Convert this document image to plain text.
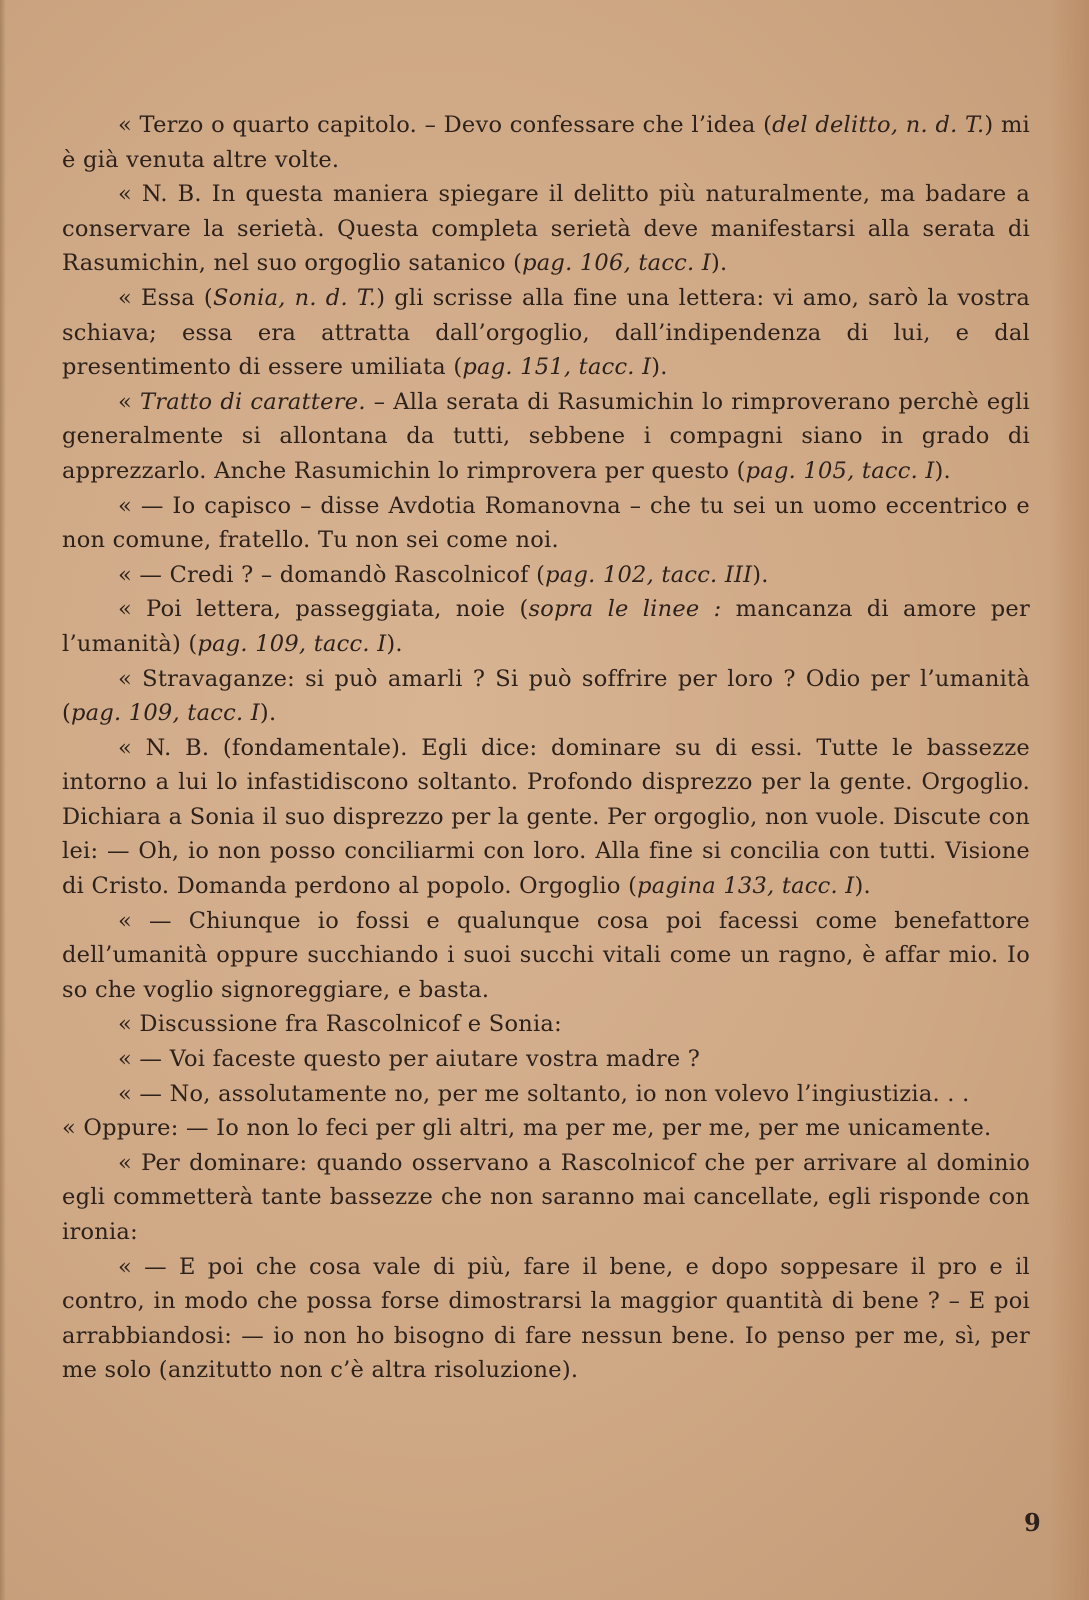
« Terzo o quarto capitolo. – Devo confessare che l’idea (del delitto, n. d. T.) mi è già venuta altre volte.

« N. B. In questa maniera spiegare il delitto più naturalmente, ma badare a conservare la serietà. Questa completa serietà deve manifestarsi alla serata di Rasumichin, nel suo orgoglio satanico (pag. 106, tacc. I).

« Essa (Sonia, n. d. T.) gli scrisse alla fine una lettera: vi amo, sarò la vostra schiava; essa era attratta dall’orgoglio, dall’indipendenza di lui, e dal presentimento di essere umiliata (pag. 151, tacc. I).

« Tratto di carattere. – Alla serata di Rasumichin lo rimproverano perchè egli generalmente si allontana da tutti, sebbene i compagni siano in grado di apprezzarlo. Anche Rasumichin lo rimprovera per questo (pag. 105, tacc. I).

« — Io capisco – disse Avdotia Romanovna – che tu sei un uomo eccentrico e non comune, fratello. Tu non sei come noi.

« — Credi ? – domandò Rascolnicof (pag. 102, tacc. III).

« Poi lettera, passeggiata, noie (sopra le linee : mancanza di amore per l’umanità) (pag. 109, tacc. I).

« Stravaganze: si può amarli ? Si può soffrire per loro ? Odio per l’umanità (pag. 109, tacc. I).

« N. B. (fondamentale). Egli dice: dominare su di essi. Tutte le bassezze intorno a lui lo infastidiscono soltanto. Profondo disprezzo per la gente. Orgoglio. Dichiara a Sonia il suo disprezzo per la gente. Per orgoglio, non vuole. Discute con lei: — Oh, io non posso conciliarmi con loro. Alla fine si concilia con tutti. Visione di Cristo. Domanda perdono al popolo. Orgoglio (pagina 133, tacc. I).

« — Chiunque io fossi e qualunque cosa poi facessi come benefattore dell’umanità oppure succhiando i suoi succhi vitali come un ragno, è affar mio. Io so che voglio signoreggiare, e basta.

« Discussione fra Rascolnicof e Sonia:

« — Voi faceste questo per aiutare vostra madre ?

« — No, assolutamente no, per me soltanto, io non volevo l’ingiustizia. . .

« Oppure: — Io non lo feci per gli altri, ma per me, per me, per me unicamente.

« Per dominare: quando osservano a Rascolnicof che per arrivare al dominio egli commetterà tante bassezze che non saranno mai cancellate, egli risponde con ironia:

« — E poi che cosa vale di più, fare il bene, e dopo soppesare il pro e il contro, in modo che possa forse dimostrarsi la maggior quantità di bene ? – E poi arrabbiandosi: — io non ho bisogno di fare nessun bene. Io penso per me, sì, per me solo (anzitutto non c’è altra risoluzione).

9
